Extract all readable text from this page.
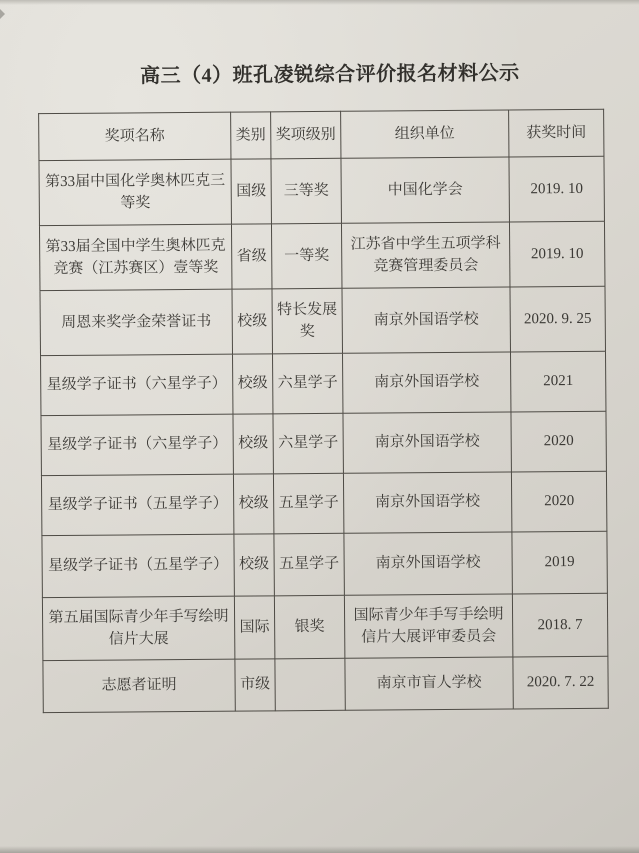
高三（4）班孔凌锐综合评价报名材料公示
奖项名称	类别	奖项级别	组织单位	获奖时间
第33届中国化学奥林匹克三等奖	国级	三等奖	中国化学会	2019. 10
第33届全国中学生奥林匹克竞赛（江苏赛区）壹等奖	省级	一等奖	江苏省中学生五项学科竞赛管理委员会	2019. 10
周恩来奖学金荣誉证书	校级	特长发展奖	南京外国语学校	2020. 9. 25
星级学子证书（六星学子）	校级	六星学子	南京外国语学校	2021
星级学子证书（六星学子）	校级	六星学子	南京外国语学校	2020
星级学子证书（五星学子）	校级	五星学子	南京外国语学校	2020
星级学子证书（五星学子）	校级	五星学子	南京外国语学校	2019
第五届国际青少年手写绘明信片大展	国际	银奖	国际青少年手写手绘明信片大展评审委员会	2018. 7
志愿者证明	市级		南京市盲人学校	2020. 7. 22
